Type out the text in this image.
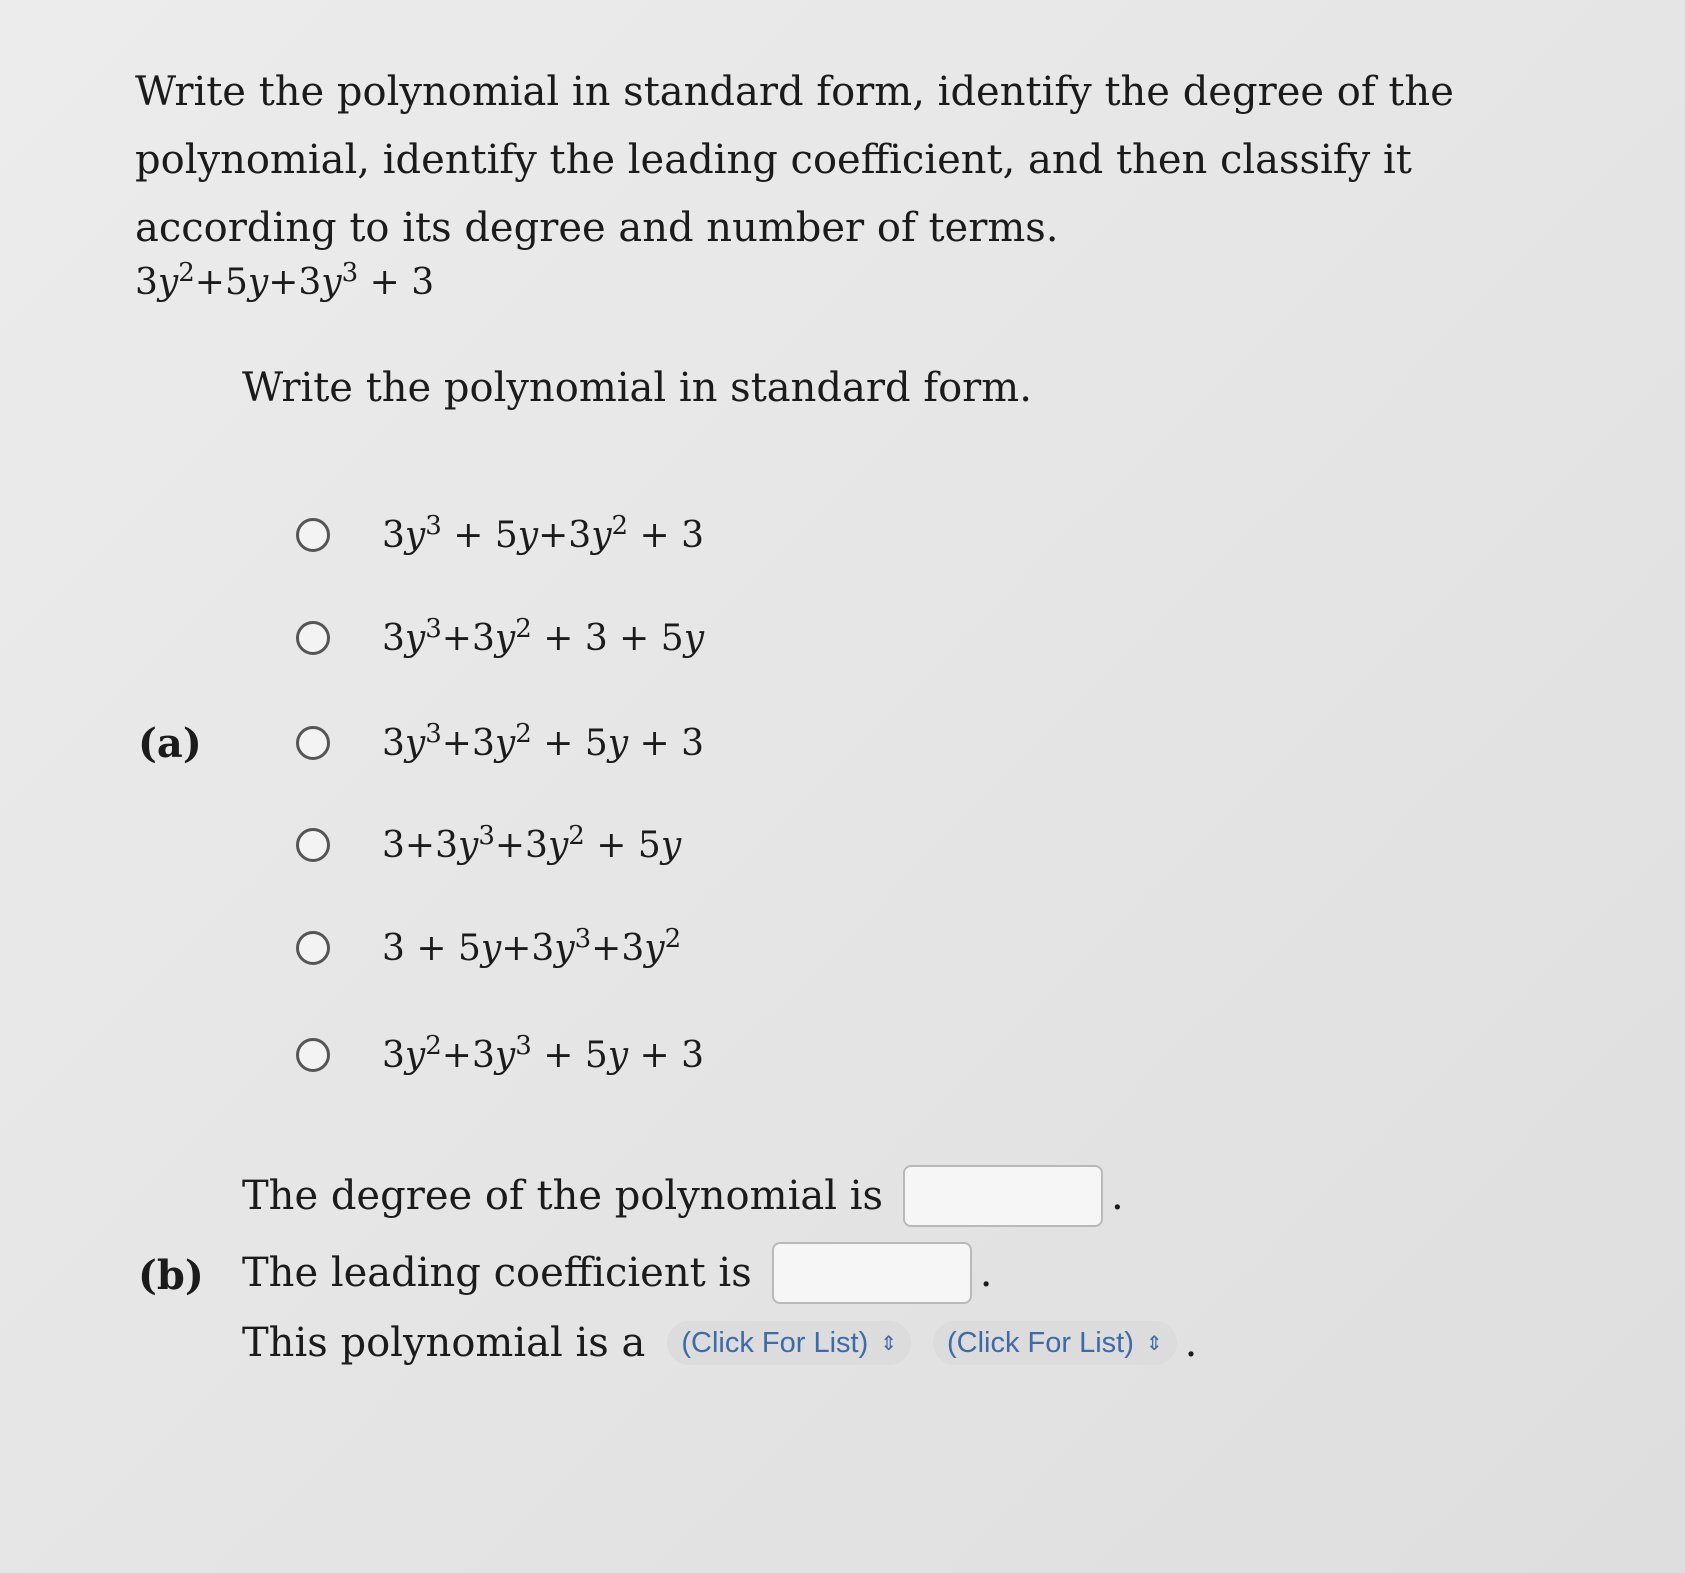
Write the polynomial in standard form, identify the degree of the polynomial, identify the leading coefficient, and then classify it according to its degree and number of terms.
$3y^2+5y+3y^3 + 3$
Write the polynomial in standard form.
(a)
$3y^3 + 5y+3y^2 + 3$
$3y^3+3y^2 + 3 + 5y$
$3y^3+3y^2 + 5y + 3$
$3+3y^3+3y^2 + 5y$
$3 + 5y+3y^3+3y^2$
$3y^2+3y^3 + 5y + 3$
(b)
The degree of the polynomial is	.
The leading coefficient is	.
This polynomial is a (Click For List) ⇕ (Click For List) ⇕ .
